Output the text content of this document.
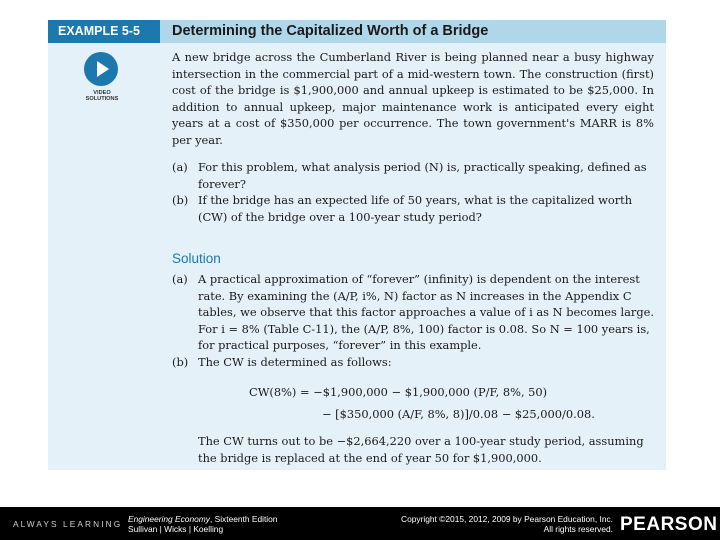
EXAMPLE 5-5	Determining the Capitalized Worth of a Bridge
VIDEO
SOLUTIONS

A new bridge across the Cumberland River is being planned near a busy highway intersection in the commercial part of a mid-western town. The construction (first) cost of the bridge is $1,900,000 and annual upkeep is estimated to be $25,000. In addition to annual upkeep, major maintenance work is anticipated every eight years at a cost of $350,000 per occurrence. The town government's MARR is 8% per year.

(a) For this problem, what analysis period (N) is, practically speaking, defined as forever?

(b) If the bridge has an expected life of 50 years, what is the capitalized worth (CW) of the bridge over a 100-year study period?

Solution

(a) A practical approximation of “forever” (infinity) is dependent on the interest rate. By examining the (A/P, i%, N) factor as N increases in the Appendix C tables, we observe that this factor approaches a value of i as N becomes large. For i = 8% (Table C-11), the (A/P, 8%, 100) factor is 0.08. So N = 100 years is, for practical purposes, “forever” in this example.

(b) The CW is determined as follows:

CW(8%) = −$1,900,000 − $1,900,000 (P/F, 8%, 50)
− [$350,000 (A/F, 8%, 8)]/0.08 − $25,000/0.08.
The CW turns out to be −$2,664,220 over a 100-year study period, assuming the bridge is replaced at the end of year 50 for $1,900,000.
ALWAYS LEARNING Engineering Economy, Sixteenth Edition
Sullivan | Wicks | Koelling
Copyright ©2015, 2012, 2009 by Pearson Education, Inc.
All rights reserved. PEARSON
